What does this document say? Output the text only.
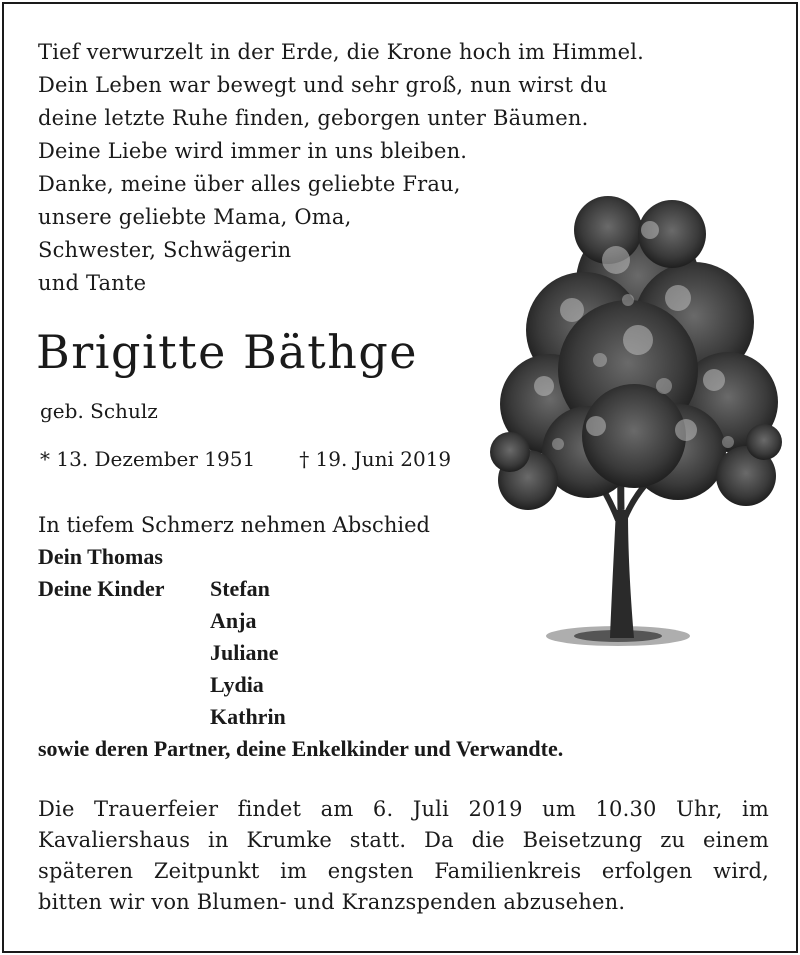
Tief verwurzelt in der Erde, die Krone hoch im Himmel.
Dein Leben war bewegt und sehr groß, nun wirst du
deine letzte Ruhe finden, geborgen unter Bäumen.
Deine Liebe wird immer in uns bleiben.
Danke, meine über alles geliebte Frau,
unsere geliebte Mama, Oma,
Schwester, Schwägerin
und Tante
Brigitte Bäthge
geb. Schulz
* 13. Dezember 1951 † 19. Juni 2019
In tiefem Schmerz nehmen Abschied
Dein Thomas
Deine Kinder Stefan
Anja
Juliane
Lydia
Kathrin
sowie deren Partner, deine Enkelkinder und Verwandte.
Die Trauerfeier findet am 6. Juli 2019 um 10.30 Uhr, im
Kavaliershaus in Krumke statt. Da die Beisetzung zu einem
späteren Zeitpunkt im engsten Familienkreis erfolgen wird,
bitten wir von Blumen- und Kranzspenden abzusehen.
